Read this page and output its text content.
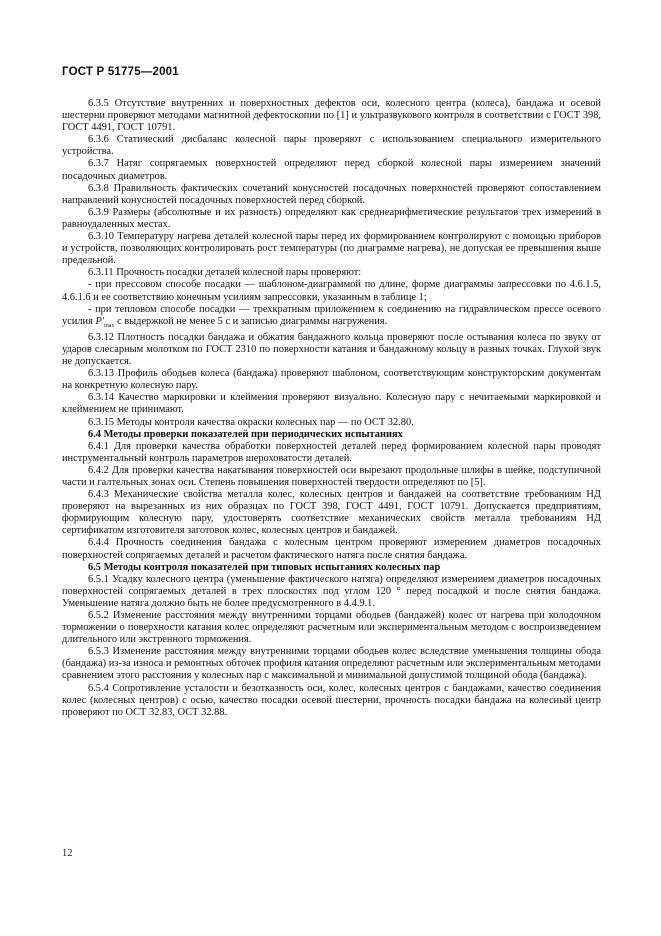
ГОСТ Р 51775—2001

6.3.5 Отсутствие внутренних и поверхностных дефектов оси, колесного центра (колеса), бандажа и осевой шестерни проверяют методами магнитной дефектоскопии по [1] и ультразвукового контроля в соответствии с ГОСТ 398, ГОСТ 4491, ГОСТ 10791.

6.3.6 Статический дисбаланс колесной пары проверяют с использованием специального измерительного устройства.

6.3.7 Натяг сопрягаемых поверхностей определяют перед сборкой колесной пары измерением значений посадочных диаметров.

6.3.8 Правильность фактических сочетаний конусностей посадочных поверхностей проверяют сопоставлением направлений конусностей посадочных поверхностей перед сборкой.

6.3.9 Размеры (абсолютные и их разность) определяют как среднеарифметические результатов трех измерений в равноудаленных местах.

6.3.10 Температуру нагрева деталей колесной пары перед их формированием контролируют с помощью приборов и устройств, позволяющих контролировать рост температуры (по диаграмме нагрева), не допуская ее превышения выше предельной.

6.3.11 Прочность посадки деталей колесной пары проверяют:

- при прессовом способе посадки — шаблоном-диаграммой по длине, форме диаграммы запрессовки по 4.6.1.5, 4.6.1.6 и ее соответствию конечным усилиям запрессовки, указанным в таблице 1;

- при тепловом способе посадки — трехкратным приложением к соединению на гидравлическом прессе осевого усилия $P'_{max}$ с выдержкой не менее 5 с и записью диаграммы нагружения.

6.3.12 Плотность посадки бандажа и обжатия бандажного кольца проверяют после остывания колеса по звуку от ударов слесарным молотком по ГОСТ 2310 по поверхности катания и бандажному кольцу в разных точках. Глухой звук не допускается.

6.3.13 Профиль ободьев колеса (бандажа) проверяют шаблоном, соответствующим конструкторским документам на конкретную колесную пару.

6.3.14 Качество маркировки и клеймения проверяют визуально. Колесную пару с нечитаемыми маркировкой и клеймением не принимают.

6.3.15 Методы контроля качества окраски колесных пар — по ОСТ 32.80.

6.4 Методы проверки показателей при периодических испытаниях

6.4.1 Для проверки качества обработки поверхностей деталей перед формированием колесной пары проводят инструментальный контроль параметров шероховатости деталей.

6.4.2 Для проверки качества накатывания поверхностей оси вырезают продольные шлифы в шейке, подступичной части и галтельных зонах оси. Степень повышения поверхностей твердости определяют по [5].

6.4.3 Механические свойства металла колес, колесных центров и бандажей на соответствие требованиям НД проверяют на вырезанных из них образцах по ГОСТ 398, ГОСТ 4491, ГОСТ 10791. Допускается предприятиям, формирующим колесную пару, удостоверять соответствие механических свойств металла требованиям НД сертификатом изготовителя заготовок колес, колесных центров и бандажей.

6.4.4 Прочность соединения бандажа с колесным центром проверяют измерением диаметров посадочных поверхностей сопрягаемых деталей и расчетом фактического натяга после снятия бандажа.

6.5 Методы контроля показателей при типовых испытаниях колесных пар

6.5.1 Усадку колесного центра (уменьшение фактического натяга) определяют измерением диаметров посадочных поверхностей сопрягаемых деталей в трех плоскостях под углом 120 ° перед посадкой и после снятия бандажа. Уменьшение натяга должно быть не более предусмотренного в 4.4.9.1.

6.5.2 Изменение расстояния между внутренними торцами ободьев (бандажей) колес от нагрева при колодочном торможении о поверхности катания колес определяют расчетным или экспериментальным методом с воспроизведением длительного или экстренного торможения.

6.5.3 Изменение расстояния между внутренними торцами ободьев колес вследствие уменьшения толщины обода (бандажа) из-за износа и ремонтных обточек профиля катания определяют расчетным или экспериментальным методами сравнением этого расстояния у колесных пар с максимальной и минимальной допустимой толщиной обода (бандажа).

6.5.4 Сопротивление усталости и безотказность оси, колес, колесных центров с бандажами, качество соединения колес (колесных центров) с осью, качество посадки осевой шестерни, прочность посадки бандажа на колесный центр проверяют по ОСТ 32.83, ОСТ 32.88.

12
